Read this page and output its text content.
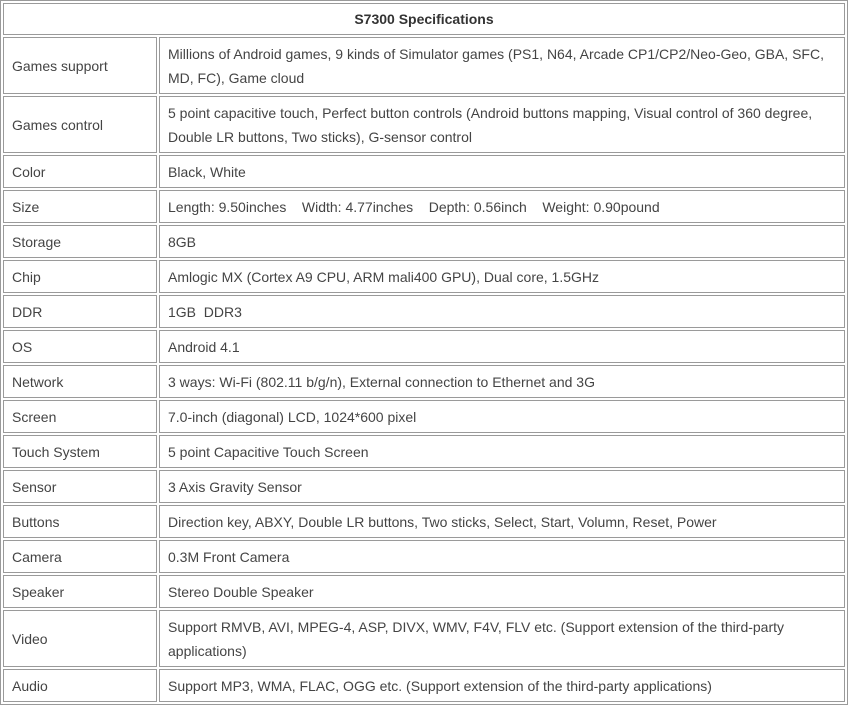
S7300 Specifications	
Games support	Millions of Android games, 9 kinds of Simulator games (PS1, N64, Arcade CP1/CP2/Neo-Geo, GBA, SFC, MD, FC), Game cloud
Games control	5 point capacitive touch, Perfect button controls (Android buttons mapping, Visual control of 360 degree, Double LR buttons, Two sticks), G-sensor control
Color	Black, White
Size	Length: 9.50inches    Width: 4.77inches    Depth: 0.56inch    Weight: 0.90pound
Storage	8GB
Chip	Amlogic MX (Cortex A9 CPU, ARM mali400 GPU), Dual core, 1.5GHz
DDR	1GB  DDR3
OS	Android 4.1
Network	3 ways: Wi-Fi (802.11 b/g/n), External connection to Ethernet and 3G
Screen	7.0-inch (diagonal) LCD, 1024*600 pixel
Touch System	5 point Capacitive Touch Screen
Sensor	3 Axis Gravity Sensor
Buttons	Direction key, ABXY, Double LR buttons, Two sticks, Select, Start, Volumn, Reset, Power
Camera	0.3M Front Camera
Speaker	Stereo Double Speaker
Video	Support RMVB, AVI, MPEG-4, ASP, DIVX, WMV, F4V, FLV etc. (Support extension of the third-party applications)
Audio	Support MP3, WMA, FLAC, OGG etc. (Support extension of the third-party applications)
